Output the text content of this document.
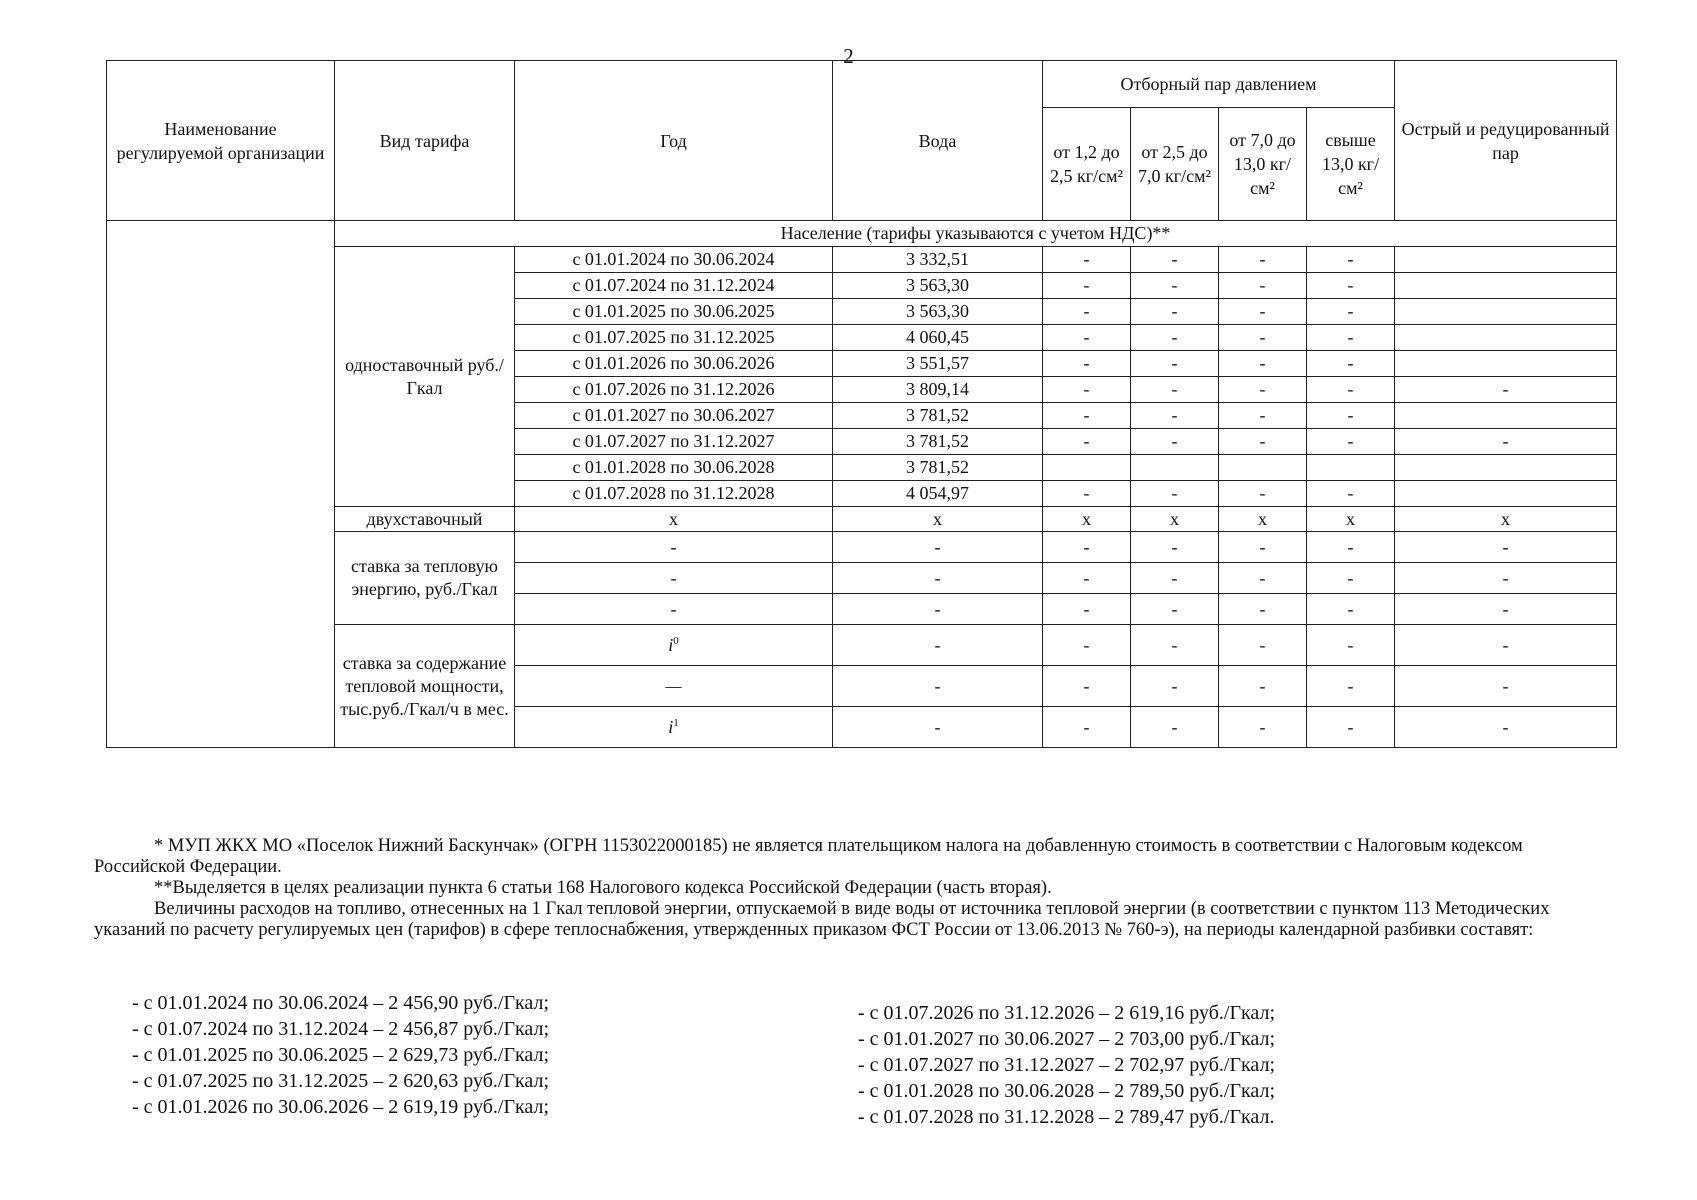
2
Наименование регулируемой организации	Вид тарифа	Год	Вода	Отборный пар давлением				Острый и редуцированный пар
				от 1,2 до 2,5 кг/см²	от 2,5 до 7,0 кг/см²	от 7,0 до 13,0 кг/см²	свыше 13,0 кг/см²	
	Население (тарифы указываются с учетом НДС)**							
	одноставочный руб./Гкал	с 01.01.2024 по 30.06.2024	3 332,51	-	-	-	-	
		с 01.07.2024 по 31.12.2024	3 563,30	-	-	-	-	
		с 01.01.2025 по 30.06.2025	3 563,30	-	-	-	-	
		с 01.07.2025 по 31.12.2025	4 060,45	-	-	-	-	
		с 01.01.2026 по 30.06.2026	3 551,57	-	-	-	-	
		с 01.07.2026 по 31.12.2026	3 809,14	-	-	-	-	-
		с 01.01.2027 по 30.06.2027	3 781,52	-	-	-	-	
		с 01.07.2027 по 31.12.2027	3 781,52	-	-	-	-	-
		с 01.01.2028 по 30.06.2028	3 781,52					
		с 01.07.2028 по 31.12.2028	4 054,97	-	-	-	-	
	двухставочный	x	x	x	x	x	x	x
	ставка за тепловую энергию, руб./Гкал	-	-	-	-	-	-	-
		-	-	-	-	-	-	-
		-	-	-	-	-	-	-
	ставка за содержание тепловой мощности, тыс.руб./Гкал/ч в мес.	$i^0$	-	-	-	-	-	-
		—	-	-	-	-	-	-
		$i^1$	-	-	-	-	-	-

* МУП ЖКХ МО «Поселок Нижний Баскунчак» (ОГРН 1153022000185) не является плательщиком налога на добавленную стоимость в соответствии с Налоговым кодексом Российской Федерации.

**Выделяется в целях реализации пункта 6 статьи 168 Налогового кодекса Российской Федерации (часть вторая).

Величины расходов на топливо, отнесенных на 1 Гкал тепловой энергии, отпускаемой в виде воды от источника тепловой энергии (в соответствии с пунктом 113 Методических указаний по расчету регулируемых цен (тарифов) в сфере теплоснабжения, утвержденных приказом ФСТ России от 13.06.2013 № 760-э), на периоды календарной разбивки составят:

- с 01.01.2024 по 30.06.2024 – 2 456,90 руб./Гкал;
- с 01.07.2024 по 31.12.2024 – 2 456,87 руб./Гкал;
- с 01.01.2025 по 30.06.2025 – 2 629,73 руб./Гкал;
- с 01.07.2025 по 31.12.2025 – 2 620,63 руб./Гкал;
- с 01.01.2026 по 30.06.2026 – 2 619,19 руб./Гкал;
- с 01.07.2026 по 31.12.2026 – 2 619,16 руб./Гкал;
- с 01.01.2027 по 30.06.2027 – 2 703,00 руб./Гкал;
- с 01.07.2027 по 31.12.2027 – 2 702,97 руб./Гкал;
- с 01.01.2028 по 30.06.2028 – 2 789,50 руб./Гкал;
- с 01.07.2028 по 31.12.2028 – 2 789,47 руб./Гкал.
